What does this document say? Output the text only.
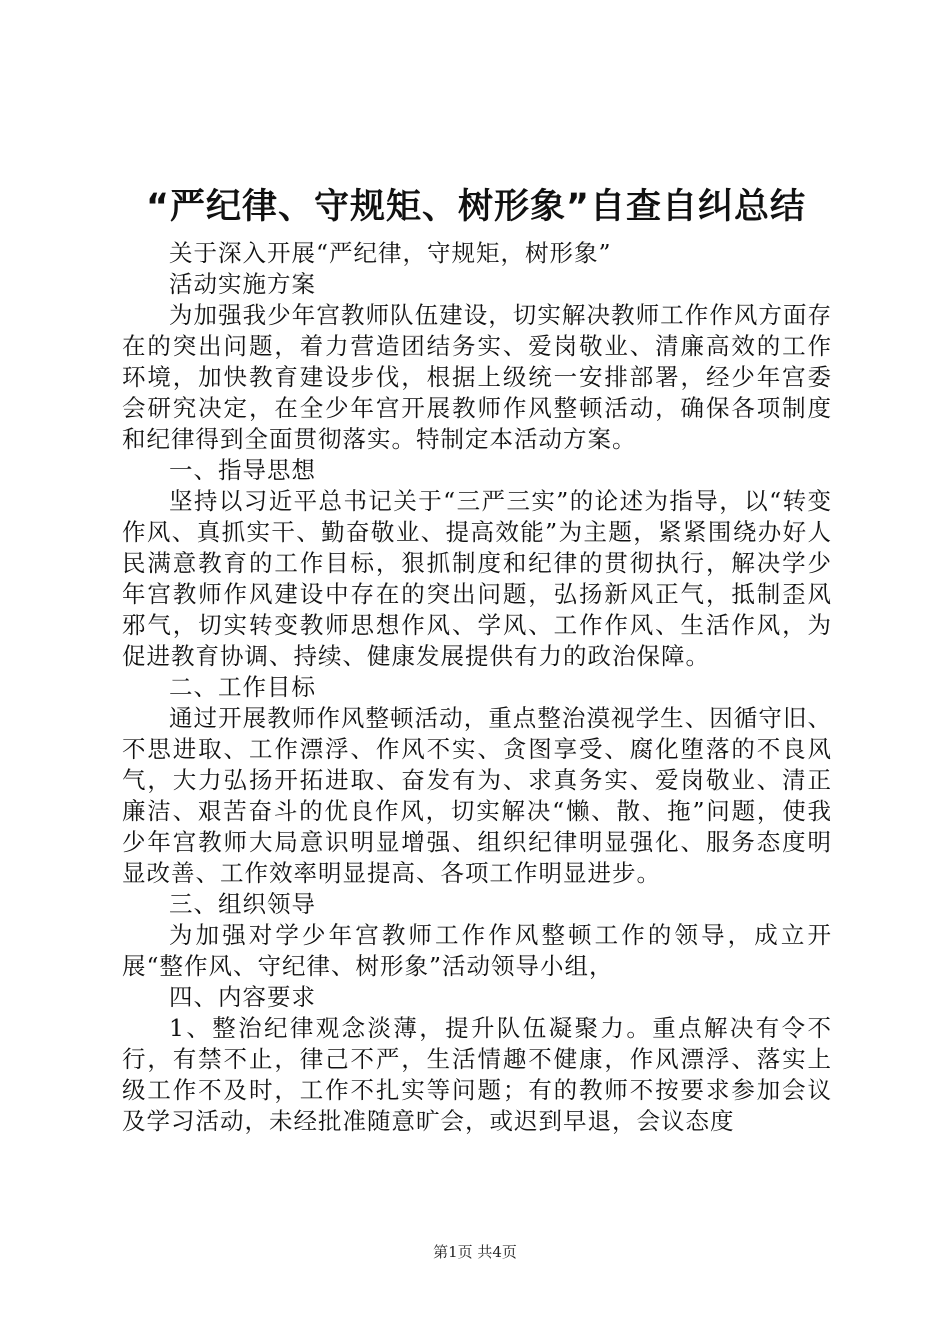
“严纪律、守规矩、树形象”自查自纠总结

关于深入开展“严纪律，守规矩，树形象”

活动实施方案

为加强我少年宫教师队伍建设，切实解决教师工作作风方面存在的突出问题，着力营造团结务实、爱岗敬业、清廉高效的工作环境，加快教育建设步伐，根据上级统一安排部署，经少年宫委会研究决定，在全少年宫开展教师作风整顿活动，确保各项制度和纪律得到全面贯彻落实。特制定本活动方案。

一、指导思想

坚持以习近平总书记关于“三严三实”的论述为指导，以“转变作风、真抓实干、勤奋敬业、提高效能”为主题，紧紧围绕办好人民满意教育的工作目标，狠抓制度和纪律的贯彻执行，解决学少年宫教师作风建设中存在的突出问题，弘扬新风正气，抵制歪风邪气，切实转变教师思想作风、学风、工作作风、生活作风，为促进教育协调、持续、健康发展提供有力的政治保障。

二、工作目标

通过开展教师作风整顿活动，重点整治漠视学生、因循守旧、不思进取、工作漂浮、作风不实、贪图享受、腐化堕落的不良风气，大力弘扬开拓进取、奋发有为、求真务实、爱岗敬业、清正廉洁、艰苦奋斗的优良作风，切实解决“懒、散、拖”问题，使我少年宫教师大局意识明显增强、组织纪律明显强化、服务态度明显改善、工作效率明显提高、各项工作明显进步。

三、组织领导

为加强对学少年宫教师工作作风整顿工作的领导，成立开展“整作风、守纪律、树形象”活动领导小组，

四、内容要求

1、整治纪律观念淡薄，提升队伍凝聚力。重点解决有令不行，有禁不止，律己不严，生活情趣不健康，作风漂浮、落实上级工作不及时，工作不扎实等问题；有的教师不按要求参加会议及学习活动，未经批准随意旷会，或迟到早退，会议态度

第1页 共4页
